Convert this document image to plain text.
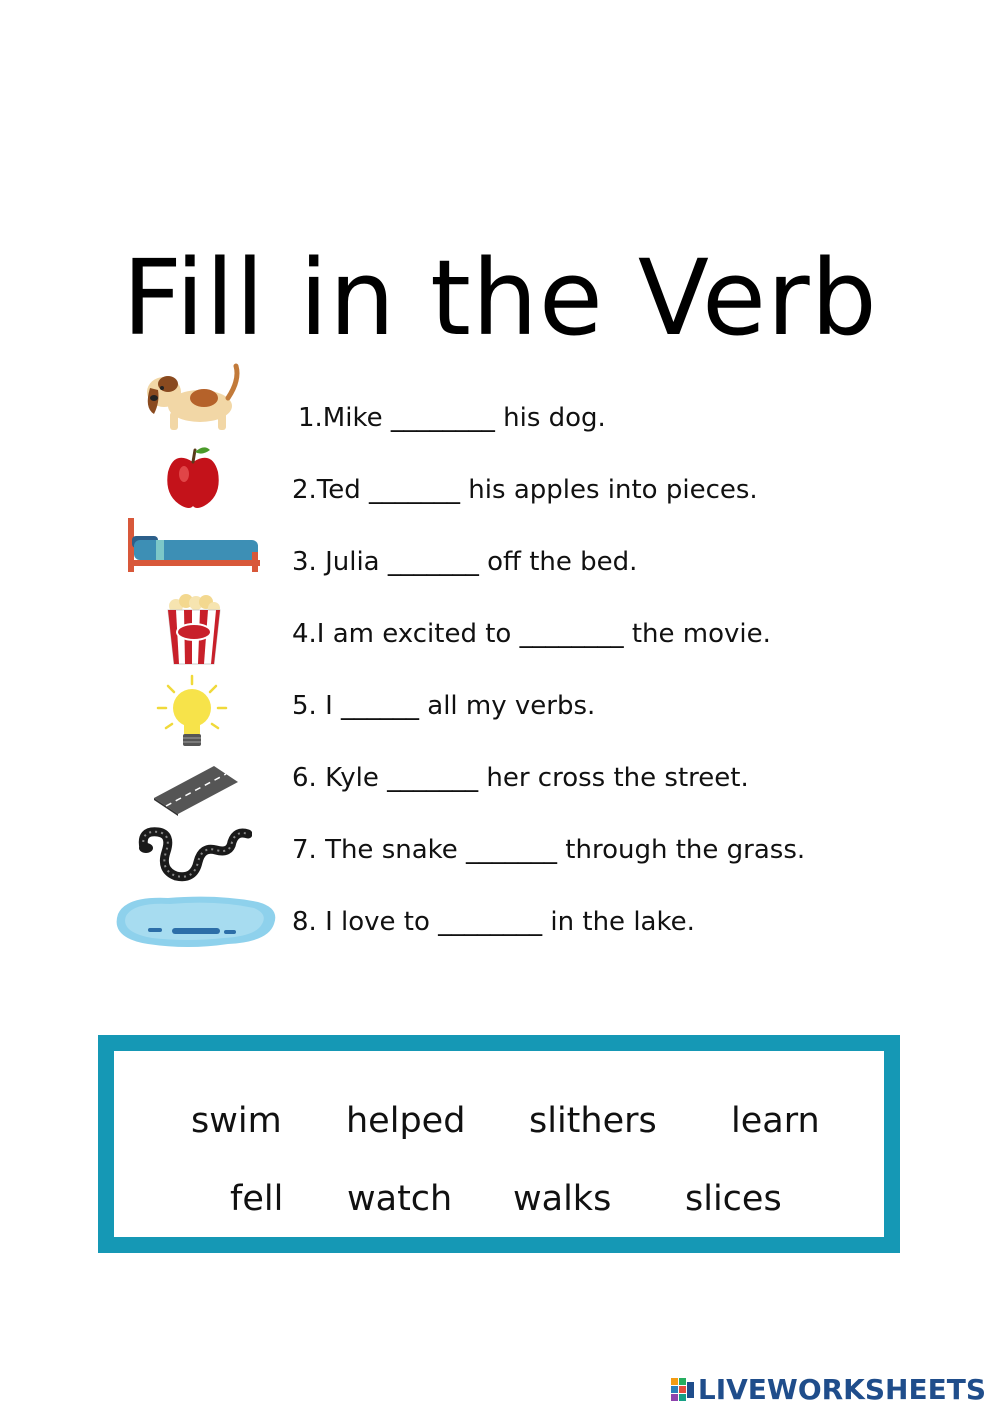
Fill in the Verb
1.Mike ________ his dog.
2.Ted _______ his apples into pieces.
3. Julia _______ off the bed.
4.I am excited to ________ the movie.
5. I ______ all my verbs.
6. Kyle _______ her cross the street.
7. The snake _______ through the grass.
8. I love to ________ in the lake.
swim helped slithers learn
fell watch walks slices
LIVEWORKSHEETS
